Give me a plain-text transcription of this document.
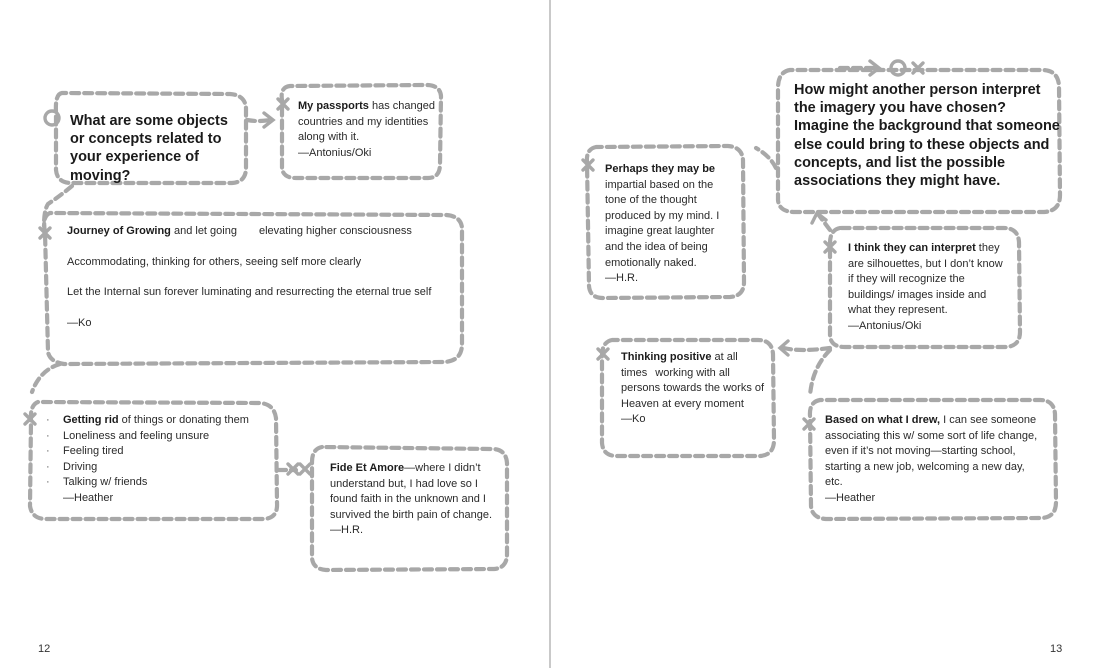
What are some objects or concepts related to your experience of moving?

My passports has changed countries and my identities along with it.

—Antonius/Oki

Journey of Growing and let going elevating higher consciousness

Accommodating, thinking for others, seeing self more clearly

Let the Internal sun forever luminating and resurrecting the eternal true self

—Ko

· Getting rid of things or donating them
· Loneliness and feeling unsure
· Feeling tired
· Driving
· Talking w/ friends
—Heather

Fide Et Amore—where I didn’t understand but, I had love so I found faith in the unknown and I survived the birth pain of change.

—H.R.

12
How might another person interpret the imagery you have chosen? Imagine the background that someone else could bring to these objects and concepts, and list the possible associations they might have.

Perhaps they may be

impartial based on the tone of the thought produced by my mind. I imagine great laughter and the idea of being emotionally naked.

—H.R.

I think they can interpret they are silhouettes, but I don’t know if they will recognize the buildings/ images inside and what they represent.

—Antonius/Oki

Thinking positive at all times working with all persons towards the works of Heaven at every moment

—Ko	Based on what I drew, I can see someone associating this w/ some sort of life change, even if it’s not moving—starting school, starting a new job, welcoming a new day, etc.

—Heather

13
